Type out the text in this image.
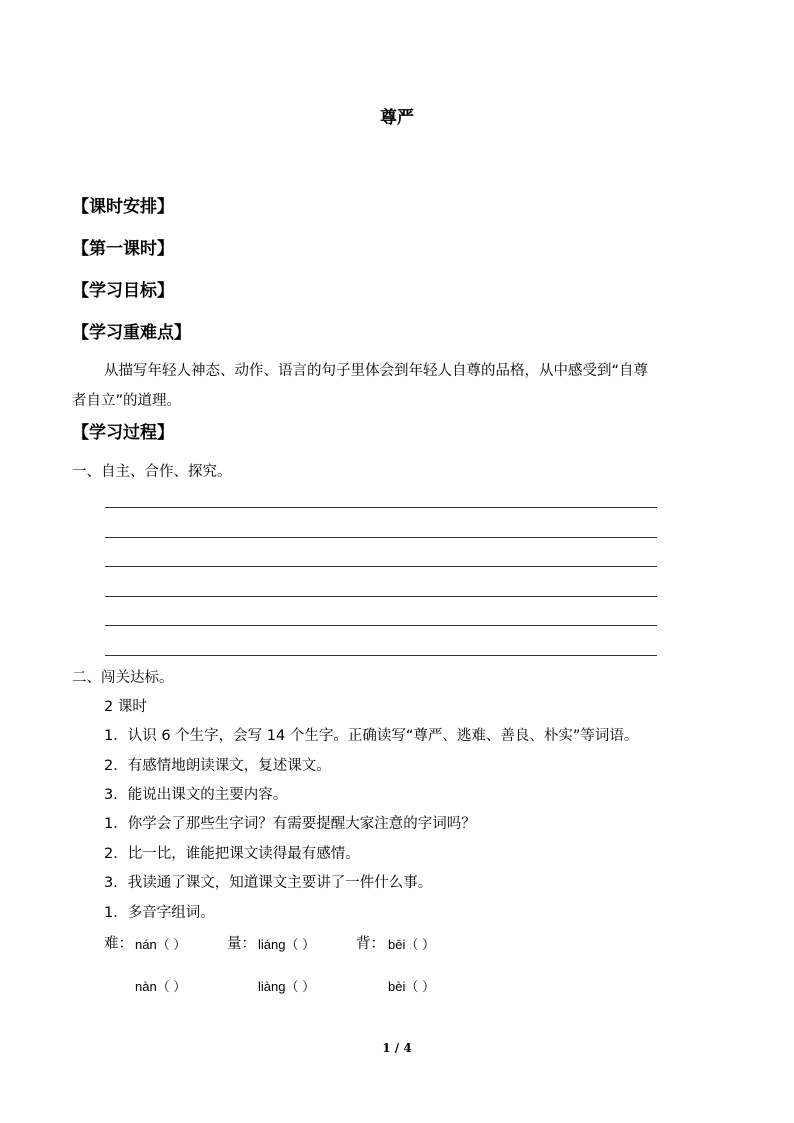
尊严
【课时安排】
【第一课时】
【学习目标】
【学习重难点】
从描写年轻人神态、动作、语言的句子里体会到年轻人自尊的品格，从中感受到“自尊
者自立”的道理。
【学习过程】
一、自主、合作、探究。
二、闯关达标。
2 课时
1．认识 6 个生字，会写 14 个生字。正确读写“尊严、逃难、善良、朴实”等词语。
2．有感情地朗读课文，复述课文。
3．能说出课文的主要内容。
1．你学会了那些生字词？有需要提醒大家注意的字词吗？
2．比一比，谁能把课文读得最有感情。
3．我读通了课文，知道课文主要讲了一件什么事。
1．多音字组词。
难： nán（ ）	量： liáng（ ）	背： bēi（ ）
nàn（ ）	liàng（ ）	bèi（ ）
1 / 4
